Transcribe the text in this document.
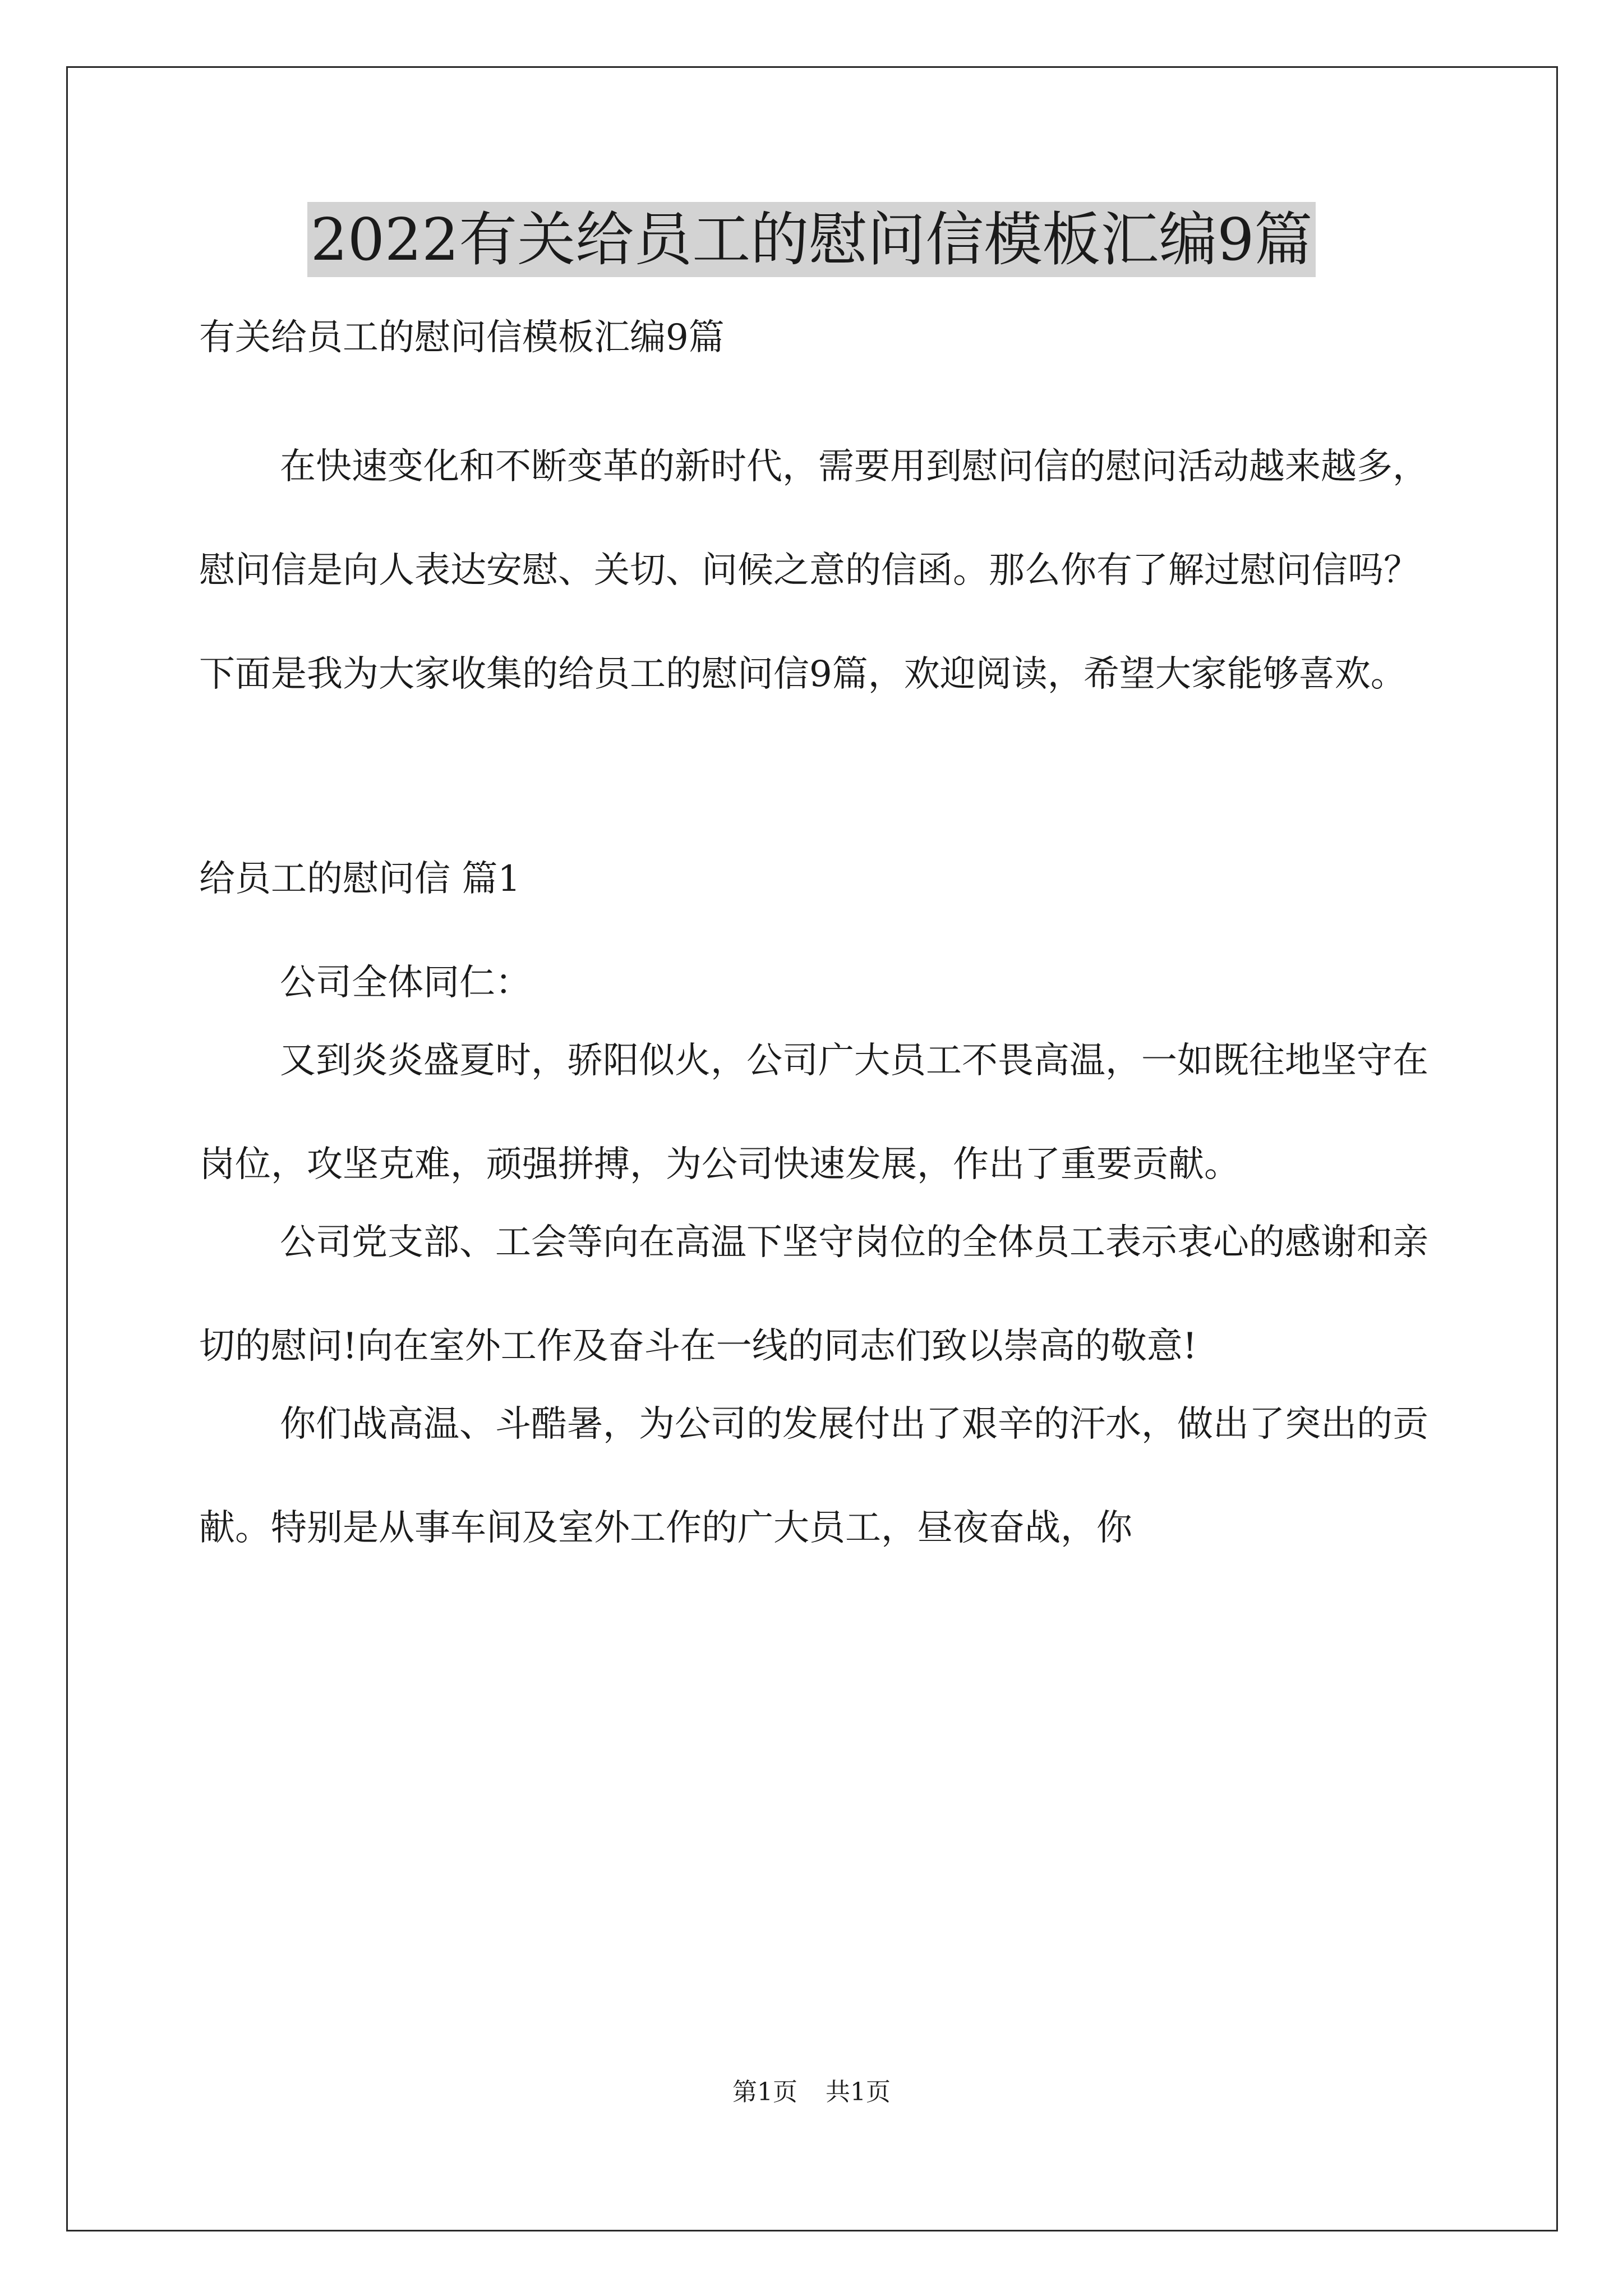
2022有关给员工的慰问信模板汇编9篇

有关给员工的慰问信模板汇编9篇

在快速变化和不断变革的新时代，需要用到慰问信的慰问活动越来越多，慰问信是向人表达安慰、关切、问候之意的信函。那么你有了解过慰问信吗？下面是我为大家收集的给员工的慰问信9篇，欢迎阅读，希望大家能够喜欢。

给员工的慰问信 篇1

公司全体同仁：

又到炎炎盛夏时，骄阳似火，公司广大员工不畏高温，一如既往地坚守在岗位，攻坚克难，顽强拼搏，为公司快速发展，作出了重要贡献。

公司党支部、工会等向在高温下坚守岗位的全体员工表示衷心的感谢和亲切的慰问!向在室外工作及奋斗在一线的同志们致以崇高的敬意!

你们战高温、斗酷暑，为公司的发展付出了艰辛的汗水，做出了突出的贡献。特别是从事车间及室外工作的广大员工，昼夜奋战，你

第1页 共1页
